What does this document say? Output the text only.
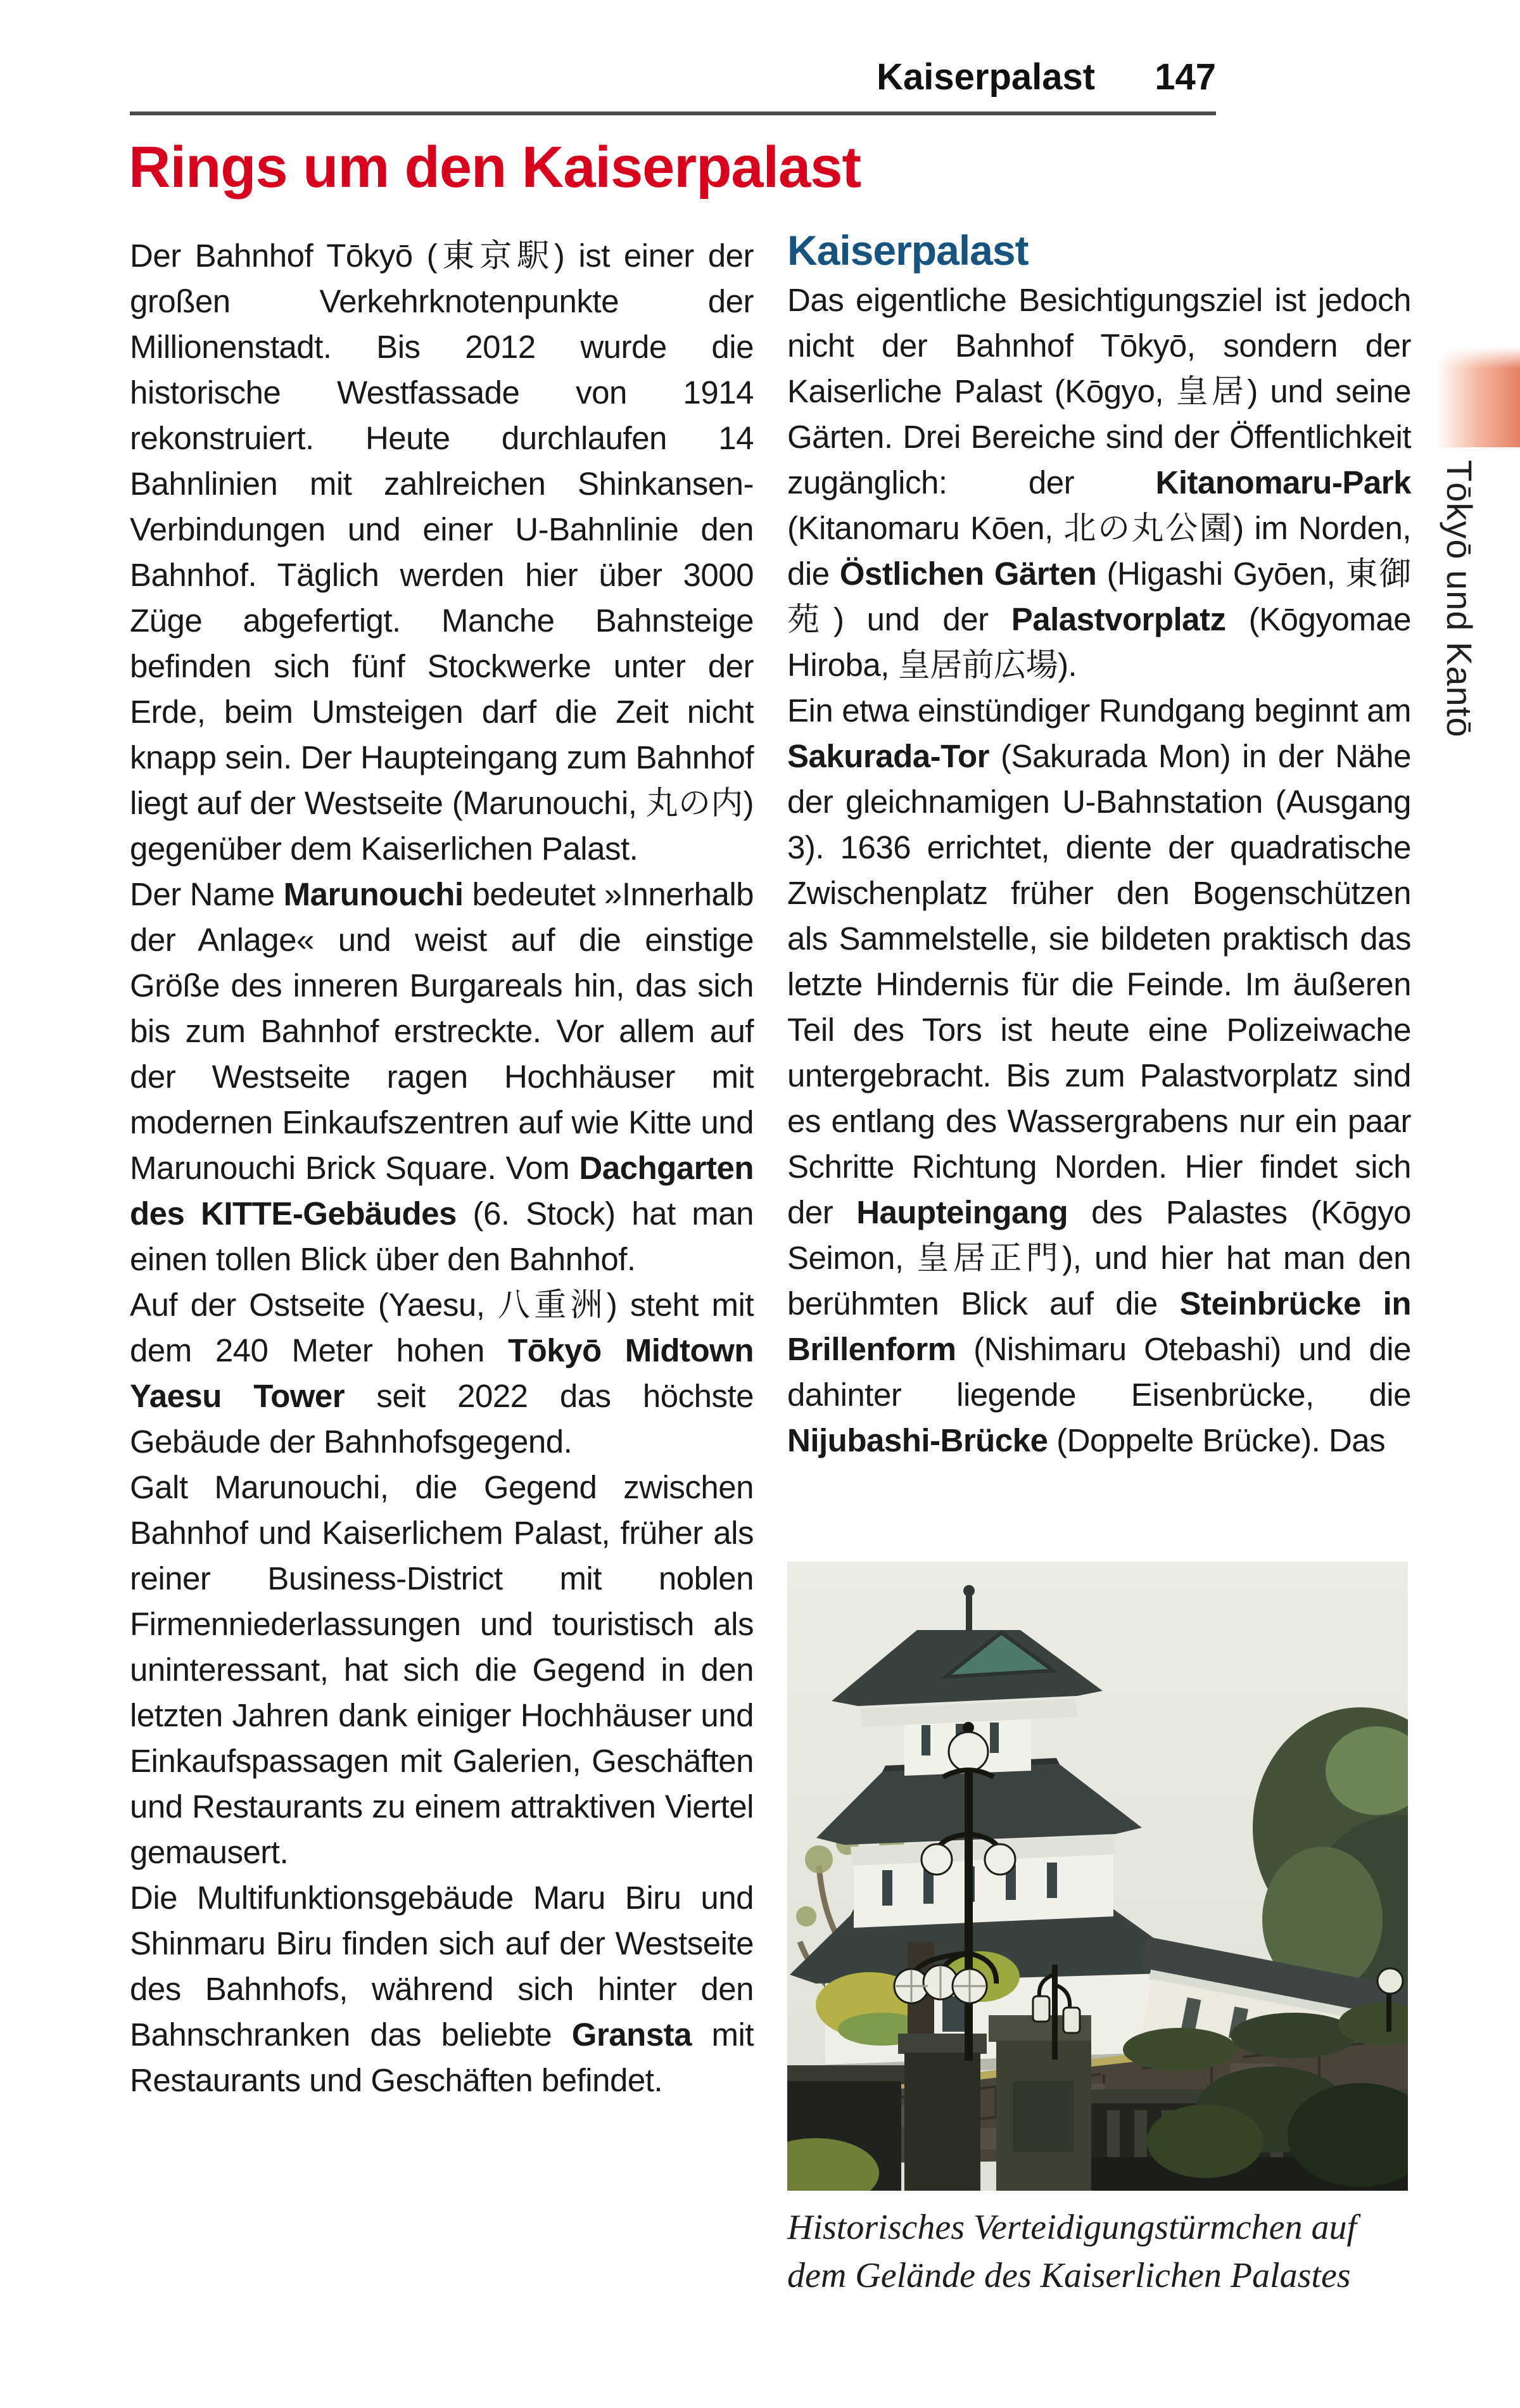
Kaiserpalast 147
Rings um den Kaiserpalast

Der Bahnhof Tōkyō (東京駅) ist einer der großen Verkehrknotenpunkte der Millionenstadt. Bis 2012 wurde die historische Westfassade von 1914 rekonstruiert. Heute durchlaufen 14 Bahnlinien mit zahlreichen Shinkansen-Verbindungen und einer U-Bahnlinie den Bahnhof. Täglich werden hier über 3000 Züge abgefertigt. Manche Bahnsteige befinden sich fünf Stockwerke unter der Erde, beim Umsteigen darf die Zeit nicht knapp sein. Der Haupteingang zum Bahnhof liegt auf der Westseite (Marunouchi, 丸の内) gegenüber dem Kaiserlichen Palast.

Der Name Marunouchi bedeutet »Innerhalb der Anlage« und weist auf die einstige Größe des inneren Burgareals hin, das sich bis zum Bahnhof erstreckte. Vor allem auf der Westseite ragen Hochhäuser mit modernen Einkaufszentren auf wie Kitte und Marunouchi Brick Square. Vom Dachgarten des KITTE-Gebäudes (6. Stock) hat man einen tollen Blick über den Bahnhof.

Auf der Ostseite (Yaesu, 八重洲) steht mit dem 240 Meter hohen Tōkyō Midtown Yaesu Tower seit 2022 das höchste Gebäude der Bahnhofsgegend.

Galt Marunouchi, die Gegend zwischen Bahnhof und Kaiserlichem Palast, früher als reiner Business-District mit noblen Firmenniederlassungen und touristisch als uninteressant, hat sich die Gegend in den letzten Jahren dank einiger Hochhäuser und Einkaufspassagen mit Galerien, Geschäften und Restaurants zu einem attraktiven Viertel gemausert.

Die Multifunktionsgebäude Maru Biru und Shinmaru Biru finden sich auf der Westseite des Bahnhofs, während sich hinter den Bahnschranken das beliebte Gransta mit Restaurants und Geschäften befindet.

Kaiserpalast

Das eigentliche Besichtigungsziel ist jedoch nicht der Bahnhof Tōkyō, sondern der Kaiserliche Palast (Kōgyo, 皇居) und seine Gärten. Drei Bereiche sind der Öffentlichkeit zugänglich: der Kitanomaru-Park (Kitanomaru Kōen, 北の丸公園) im Norden, die Östlichen Gärten (Higashi Gyōen, 東御苑) und der Palastvorplatz (Kōgyomae Hiroba, 皇居前広場).

Ein etwa einstündiger Rundgang beginnt am Sakurada-Tor (Sakurada Mon) in der Nähe der gleichnamigen U-Bahnstation (Ausgang 3). 1636 errichtet, diente der quadratische Zwischenplatz früher den Bogenschützen als Sammelstelle, sie bildeten praktisch das letzte Hindernis für die Feinde. Im äußeren Teil des Tors ist heute eine Polizeiwache untergebracht. Bis zum Palastvorplatz sind es entlang des Wassergrabens nur ein paar Schritte Richtung Norden. Hier findet sich der Haupteingang des Palastes (Kōgyo Seimon, 皇居正門), und hier hat man den berühmten Blick auf die Steinbrücke in Brillenform (Nishimaru Otebashi) und die dahinter liegende Eisenbrücke, die Nijubashi-Brücke (Doppelte Brücke). Das

Historisches Verteidigungstürmchen auf dem Gelände des Kaiserlichen Palastes
Tōkyō und Kantō
